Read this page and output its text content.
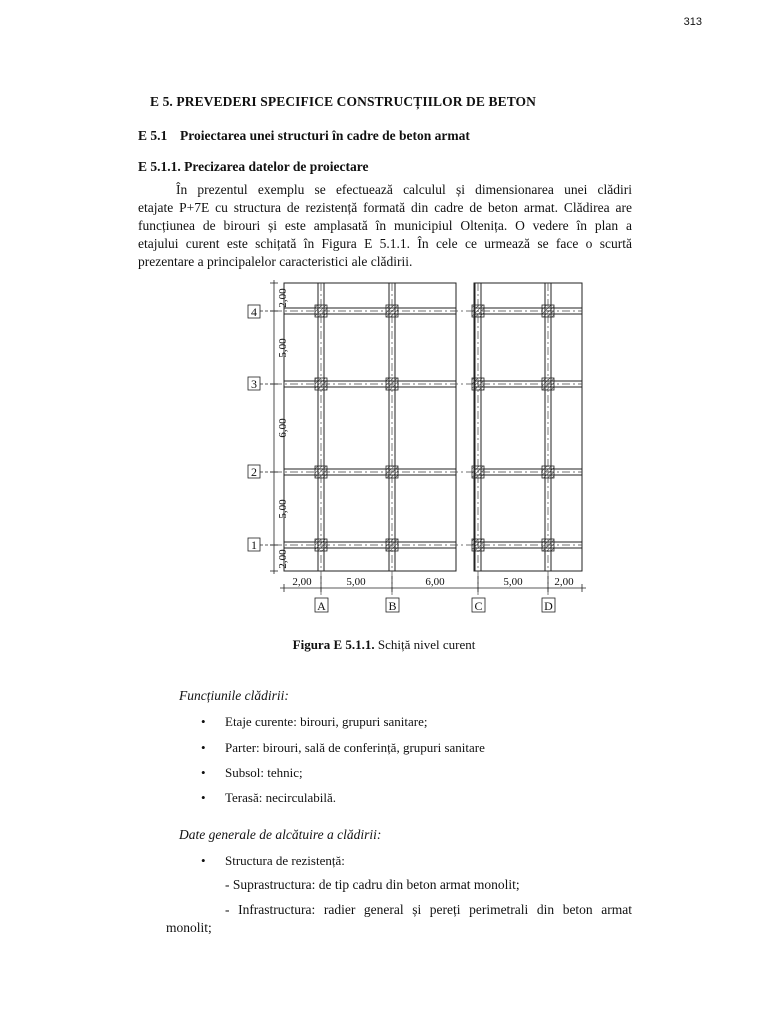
313
E 5. PREVEDERI SPECIFICE CONSTRUCȚIILOR DE BETON
E 5.1 Proiectarea unei structuri în cadre de beton armat
E 5.1.1. Precizarea datelor de proiectare
În prezentul exemplu se efectuează calculul și dimensionarea unei clădiri
etajate P+7E cu structura de rezistență formată din cadre de beton armat. Clădirea are
funcțiunea de birouri și este amplasată în municipiul Oltenița. O vedere în plan a
etajului curent este schițată în Figura E 5.1.1. În cele ce urmează se face o scurtă
prezentare a principalelor caracteristici ale clădirii.
2,00
5,00
6,00
5,00
2,00
4
3
2
1
2,00	5,00	6,00	5,00	2,00
A	B	C	D
Figura E 5.1.1. Schiță nivel curent
Funcțiunile clădirii:
• Etaje curente: birouri, grupuri sanitare;
• Parter: birouri, sală de conferință, grupuri sanitare
• Subsol: tehnic;
• Terasă: necirculabilă.
Date generale de alcătuire a clădirii:
• Structura de rezistență:
- Suprastructura: de tip cadru din beton armat monolit;
- Infrastructura: radier general și pereți perimetrali din beton armat
monolit;
